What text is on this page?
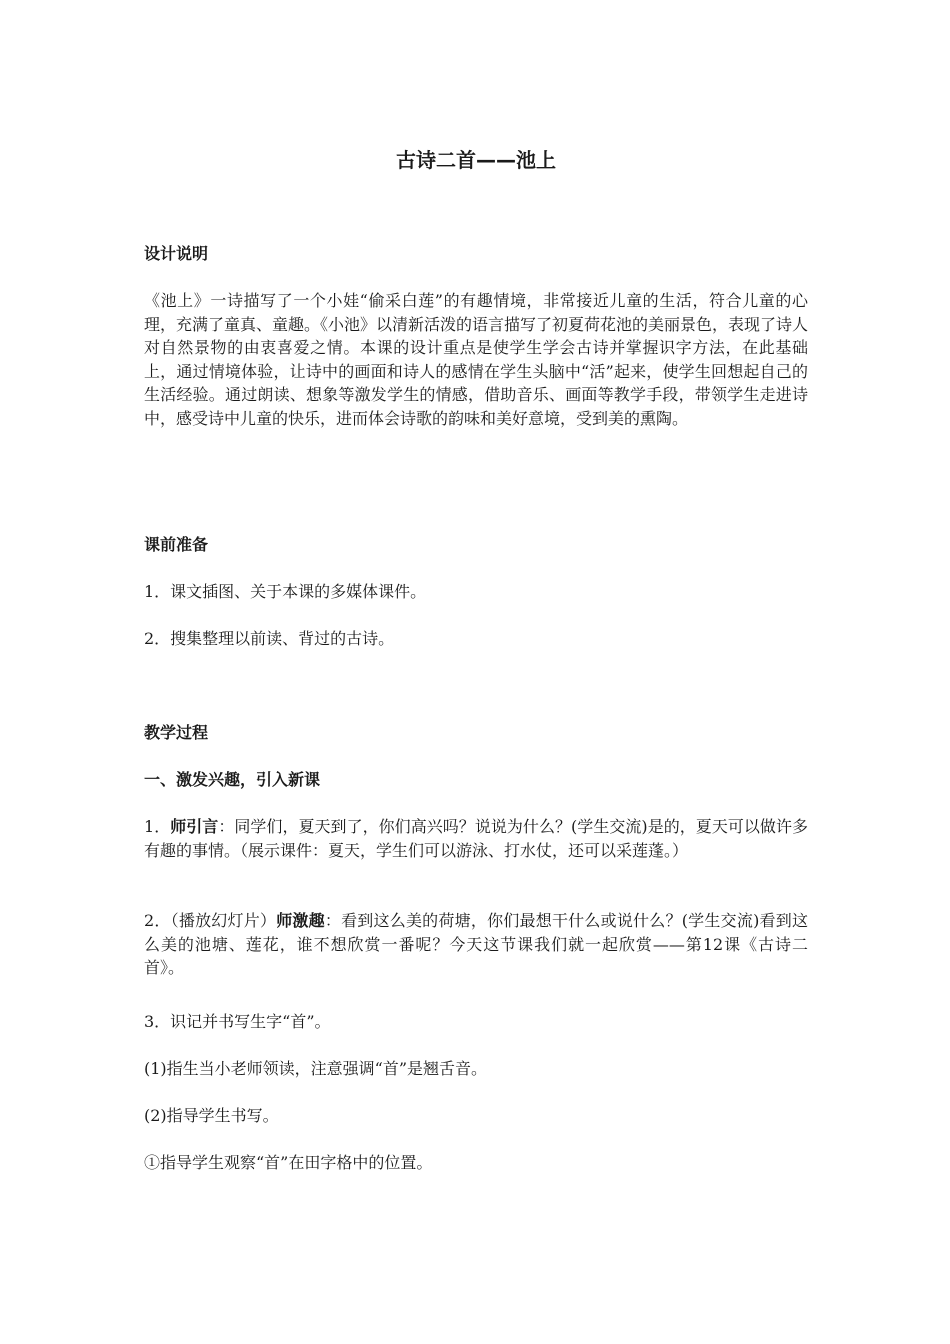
古诗二首——池上
设计说明
《池上》一诗描写了一个小娃“偷采白莲”的有趣情境，非常接近儿童的生活，符合儿童的心理，充满了童真、童趣。《小池》以清新活泼的语言描写了初夏荷花池的美丽景色，表现了诗人对自然景物的由衷喜爱之情。本课的设计重点是使学生学会古诗并掌握识字方法，在此基础上，通过情境体验，让诗中的画面和诗人的感情在学生头脑中“活”起来，使学生回想起自己的生活经验。通过朗读、想象等激发学生的情感，借助音乐、画面等教学手段，带领学生走进诗中，感受诗中儿童的快乐，进而体会诗歌的韵味和美好意境，受到美的熏陶。
课前准备
1．课文插图、关于本课的多媒体课件。
2．搜集整理以前读、背过的古诗。
教学过程
一、激发兴趣，引入新课
1．师引言：同学们，夏天到了，你们高兴吗？说说为什么？(学生交流)是的，夏天可以做许多有趣的事情。（展示课件：夏天，学生们可以游泳、打水仗，还可以采莲蓬。）
2．（播放幻灯片）师激趣：看到这么美的荷塘，你们最想干什么或说什么？(学生交流)看到这么美的池塘、莲花，谁不想欣赏一番呢？今天这节课我们就一起欣赏——第12课《古诗二首》。
3．识记并书写生字“首”。
(1)指生当小老师领读，注意强调“首”是翘舌音。
(2)指导学生书写。
①指导学生观察“首”在田字格中的位置。
